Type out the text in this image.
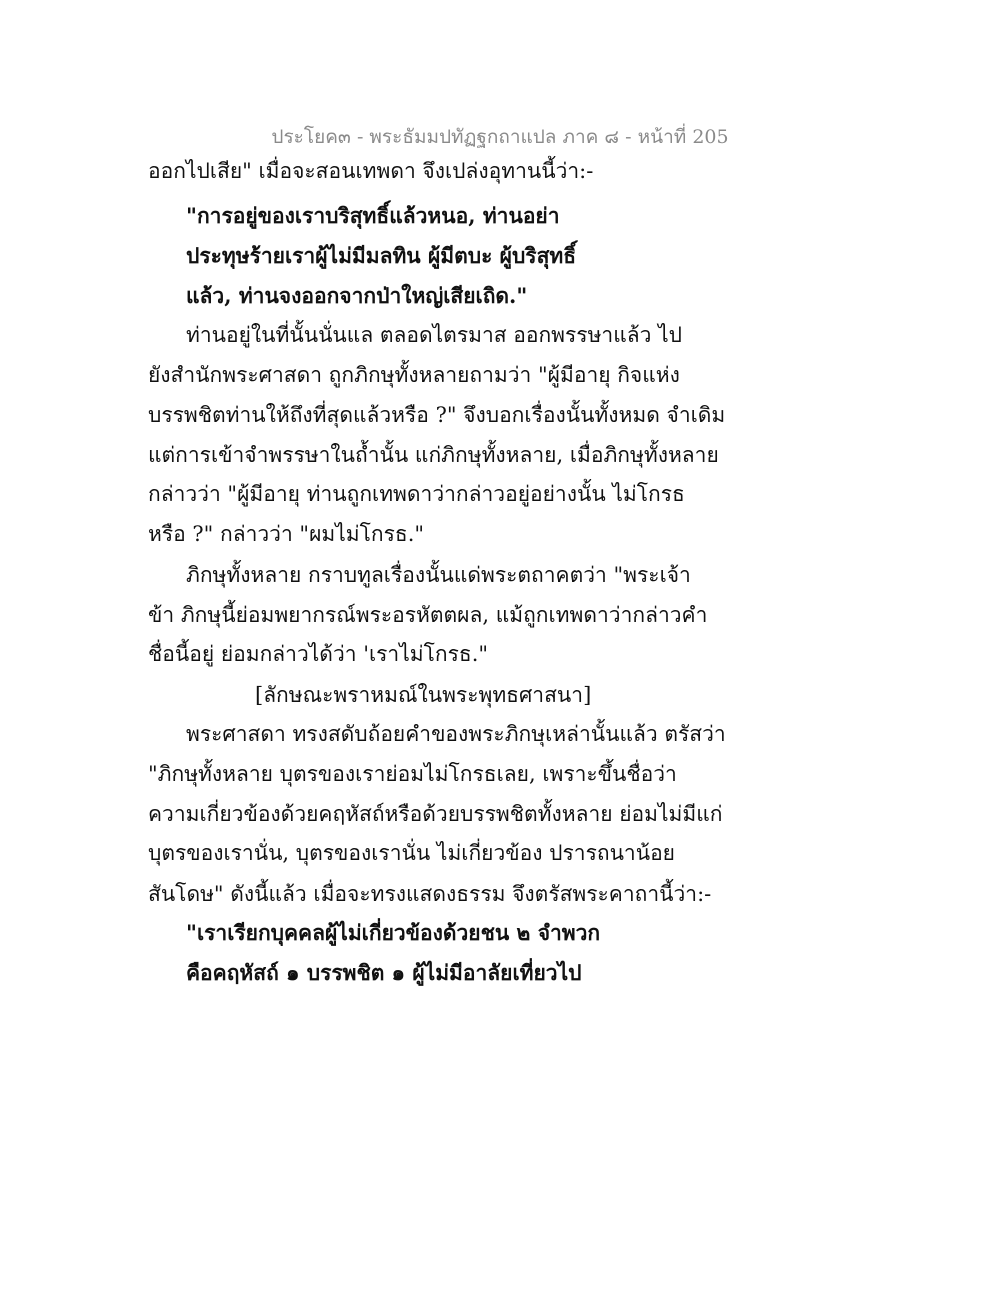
ประโยค๓ - พระธัมมปทัฏฐกถาแปล ภาค ๘ - หน้าที่ 205
ออกไปเสีย" เมื่อจะสอนเทพดา จึงเปล่งอุทานนี้ว่า:-
"การอยู่ของเราบริสุทธิ์แล้วหนอ, ท่านอย่า
ประทุษร้ายเราผู้ไม่มีมลทิน ผู้มีตบะ ผู้บริสุทธิ์
แล้ว, ท่านจงออกจากป่าใหญ่เสียเถิด."
ท่านอยู่ในที่นั้นนั่นแล ตลอดไตรมาส ออกพรรษาแล้ว ไป
ยังสำนักพระศาสดา ถูกภิกษุทั้งหลายถามว่า "ผู้มีอายุ กิจแห่ง
บรรพชิตท่านให้ถึงที่สุดแล้วหรือ ?" จึงบอกเรื่องนั้นทั้งหมด จำเดิม
แต่การเข้าจำพรรษาในถ้ำนั้น แก่ภิกษุทั้งหลาย, เมื่อภิกษุทั้งหลาย
กล่าวว่า "ผู้มีอายุ ท่านถูกเทพดาว่ากล่าวอยู่อย่างนั้น ไม่โกรธ
หรือ ?" กล่าวว่า "ผมไม่โกรธ."
ภิกษุทั้งหลาย กราบทูลเรื่องนั้นแด่พระตถาคตว่า "พระเจ้า
ข้า ภิกษุนี้ย่อมพยากรณ์พระอรหัตตผล, แม้ถูกเทพดาว่ากล่าวคำ
ชื่อนี้อยู่ ย่อมกล่าวได้ว่า 'เราไม่โกรธ."
[ลักษณะพราหมณ์ในพระพุทธศาสนา]
พระศาสดา ทรงสดับถ้อยคำของพระภิกษุเหล่านั้นแล้ว ตรัสว่า
"ภิกษุทั้งหลาย บุตรของเราย่อมไม่โกรธเลย, เพราะขึ้นชื่อว่า
ความเกี่ยวข้องด้วยคฤหัสถ์หรือด้วยบรรพชิตทั้งหลาย ย่อมไม่มีแก่
บุตรของเรานั่น, บุตรของเรานั่น ไม่เกี่ยวข้อง ปรารถนาน้อย
สันโดษ" ดังนี้แล้ว เมื่อจะทรงแสดงธรรม จึงตรัสพระคาถานี้ว่า:-
"เราเรียกบุคคลผู้ไม่เกี่ยวข้องด้วยชน ๒ จำพวก
คือคฤหัสถ์ ๑ บรรพชิต ๑ ผู้ไม่มีอาลัยเที่ยวไป
